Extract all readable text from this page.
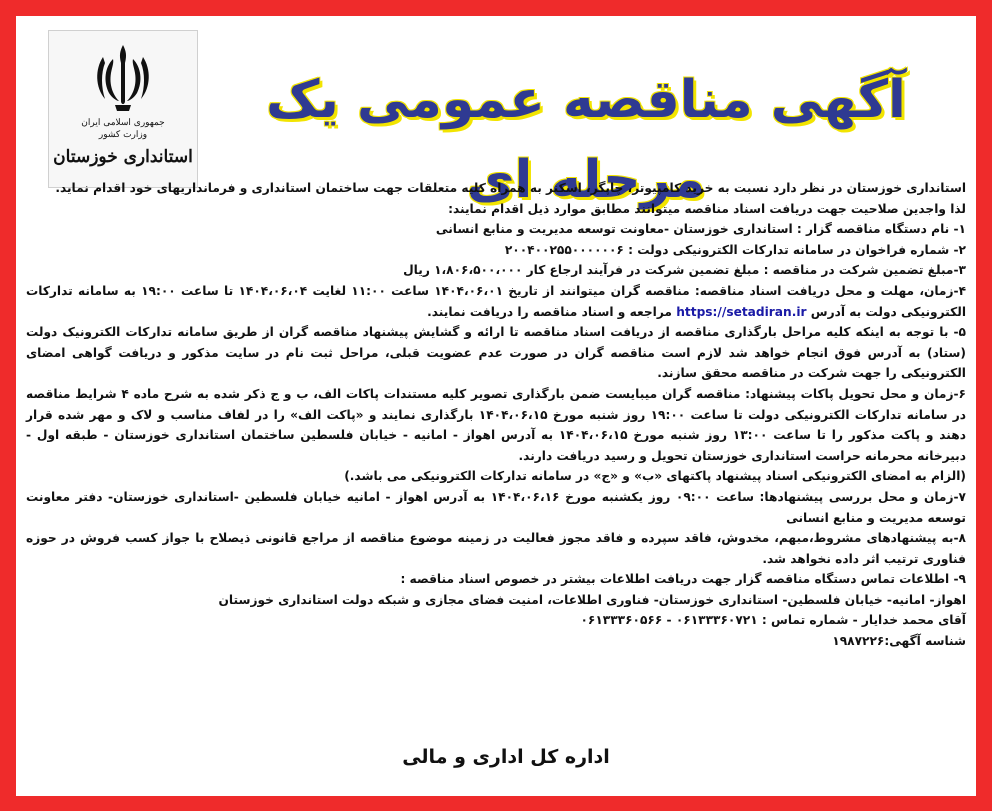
جمهوری اسلامی ایران
وزارت کشور
استانداری خوزستان
آگهی مناقصه عمومی یک مرحله ای

استانداری خوزستان در نظر دارد نسبت به خرید کامپیوتر، چاپگر، اسکنر به همراه کلیه متعلقات جهت ساختمان استانداری و فرمانداریهای خود اقدام نماید.

لذا واجدین صلاحیت جهت دریافت اسناد مناقصه میتوانند مطابق موارد ذیل اقدام نمایند:

۱- نام دستگاه مناقصه گزار : استانداری خوزستان -معاونت توسعه مدیریت و منابع انسانی

۲- شماره فراخوان در سامانه تدارکات الکترونیکی دولت : ۲۰۰۴۰۰۲۵۵۰۰۰۰۰۰۶

۳-مبلغ تضمین شرکت در مناقصه : مبلغ تضمین شرکت در فرآیند ارجاع کار ۱،۸۰۶،۵۰۰،۰۰۰ ریال

۴-زمان، مهلت و محل دریافت اسناد مناقصه: مناقصه گران میتوانند از تاریخ ۱۴۰۴،۰۶،۰۱ ساعت ۱۱:۰۰ لغایت ۱۴۰۴،۰۶،۰۴ تا ساعت ۱۹:۰۰ به سامانه تدارکات الکترونیکی دولت به آدرس https://setadiran.ir مراجعه و اسناد مناقصه را دریافت نمایند.

۵- با توجه به اینکه کلیه مراحل بارگذاری مناقصه از دریافت اسناد مناقصه تا ارائه و گشایش پیشنهاد مناقصه گران از طریق سامانه تدارکات الکترونیک دولت (ستاد) به آدرس فوق انجام خواهد شد لازم است مناقصه گران در صورت عدم عضویت قبلی، مراحل ثبت نام در سایت مذکور و دریافت گواهی امضای الکترونیکی را جهت شرکت در مناقصه محقق سازند.

۶-زمان و محل تحویل پاکات پیشنهاد: مناقصه گران میبایست ضمن بارگذاری تصویر کلیه مستندات پاکات الف، ب و ج ذکر شده به شرح ماده ۴ شرایط مناقصه در سامانه تدارکات الکترونیکی دولت تا ساعت ۱۹:۰۰ روز شنبه مورخ ۱۴۰۴،۰۶،۱۵ بارگذاری نمایند و «پاکت الف» را در لفاف مناسب و لاک و مهر شده قرار دهند و پاکت مذکور را تا ساعت ۱۳:۰۰ روز شنبه مورخ ۱۴۰۴،۰۶،۱۵ به آدرس اهواز - امانیه - خیابان فلسطین ساختمان استانداری خوزستان - طبقه اول - دبیرخانه محرمانه حراست استانداری خوزستان تحویل و رسید دریافت دارند.

(الزام به امضای الکترونیکی اسناد پیشنهاد پاکتهای «ب» و «ج» در سامانه تدارکات الکترونیکی می باشد.)

۷-زمان و محل بررسی پیشنهادها: ساعت ۰۹:۰۰ روز یکشنبه مورخ ۱۴۰۴،۰۶،۱۶ به آدرس اهواز - امانیه خیابان فلسطین -استانداری خوزستان- دفتر معاونت توسعه مدیریت و منابع انسانی

۸-به پیشنهادهای مشروط،مبهم، مخدوش، فاقد سپرده و فاقد مجوز فعالیت در زمینه موضوع مناقصه از مراجع قانونی ذیصلاح با جواز کسب فروش در حوزه فناوری ترتیب اثر داده نخواهد شد.

۹- اطلاعات تماس دستگاه مناقصه گزار جهت دریافت اطلاعات بیشتر در خصوص اسناد مناقصه :

اهواز- امانیه- خیابان فلسطین- استانداری خوزستان- فناوری اطلاعات، امنیت فضای مجازی و شبکه دولت استانداری خوزستان

آقای محمد خدایار - شماره تماس : ۰۶۱۳۳۳۶۰۷۲۱ - ۰۶۱۳۳۳۶۰۵۶۶

شناسه آگهی:۱۹۸۷۲۲۶

اداره کل اداری و مالی
